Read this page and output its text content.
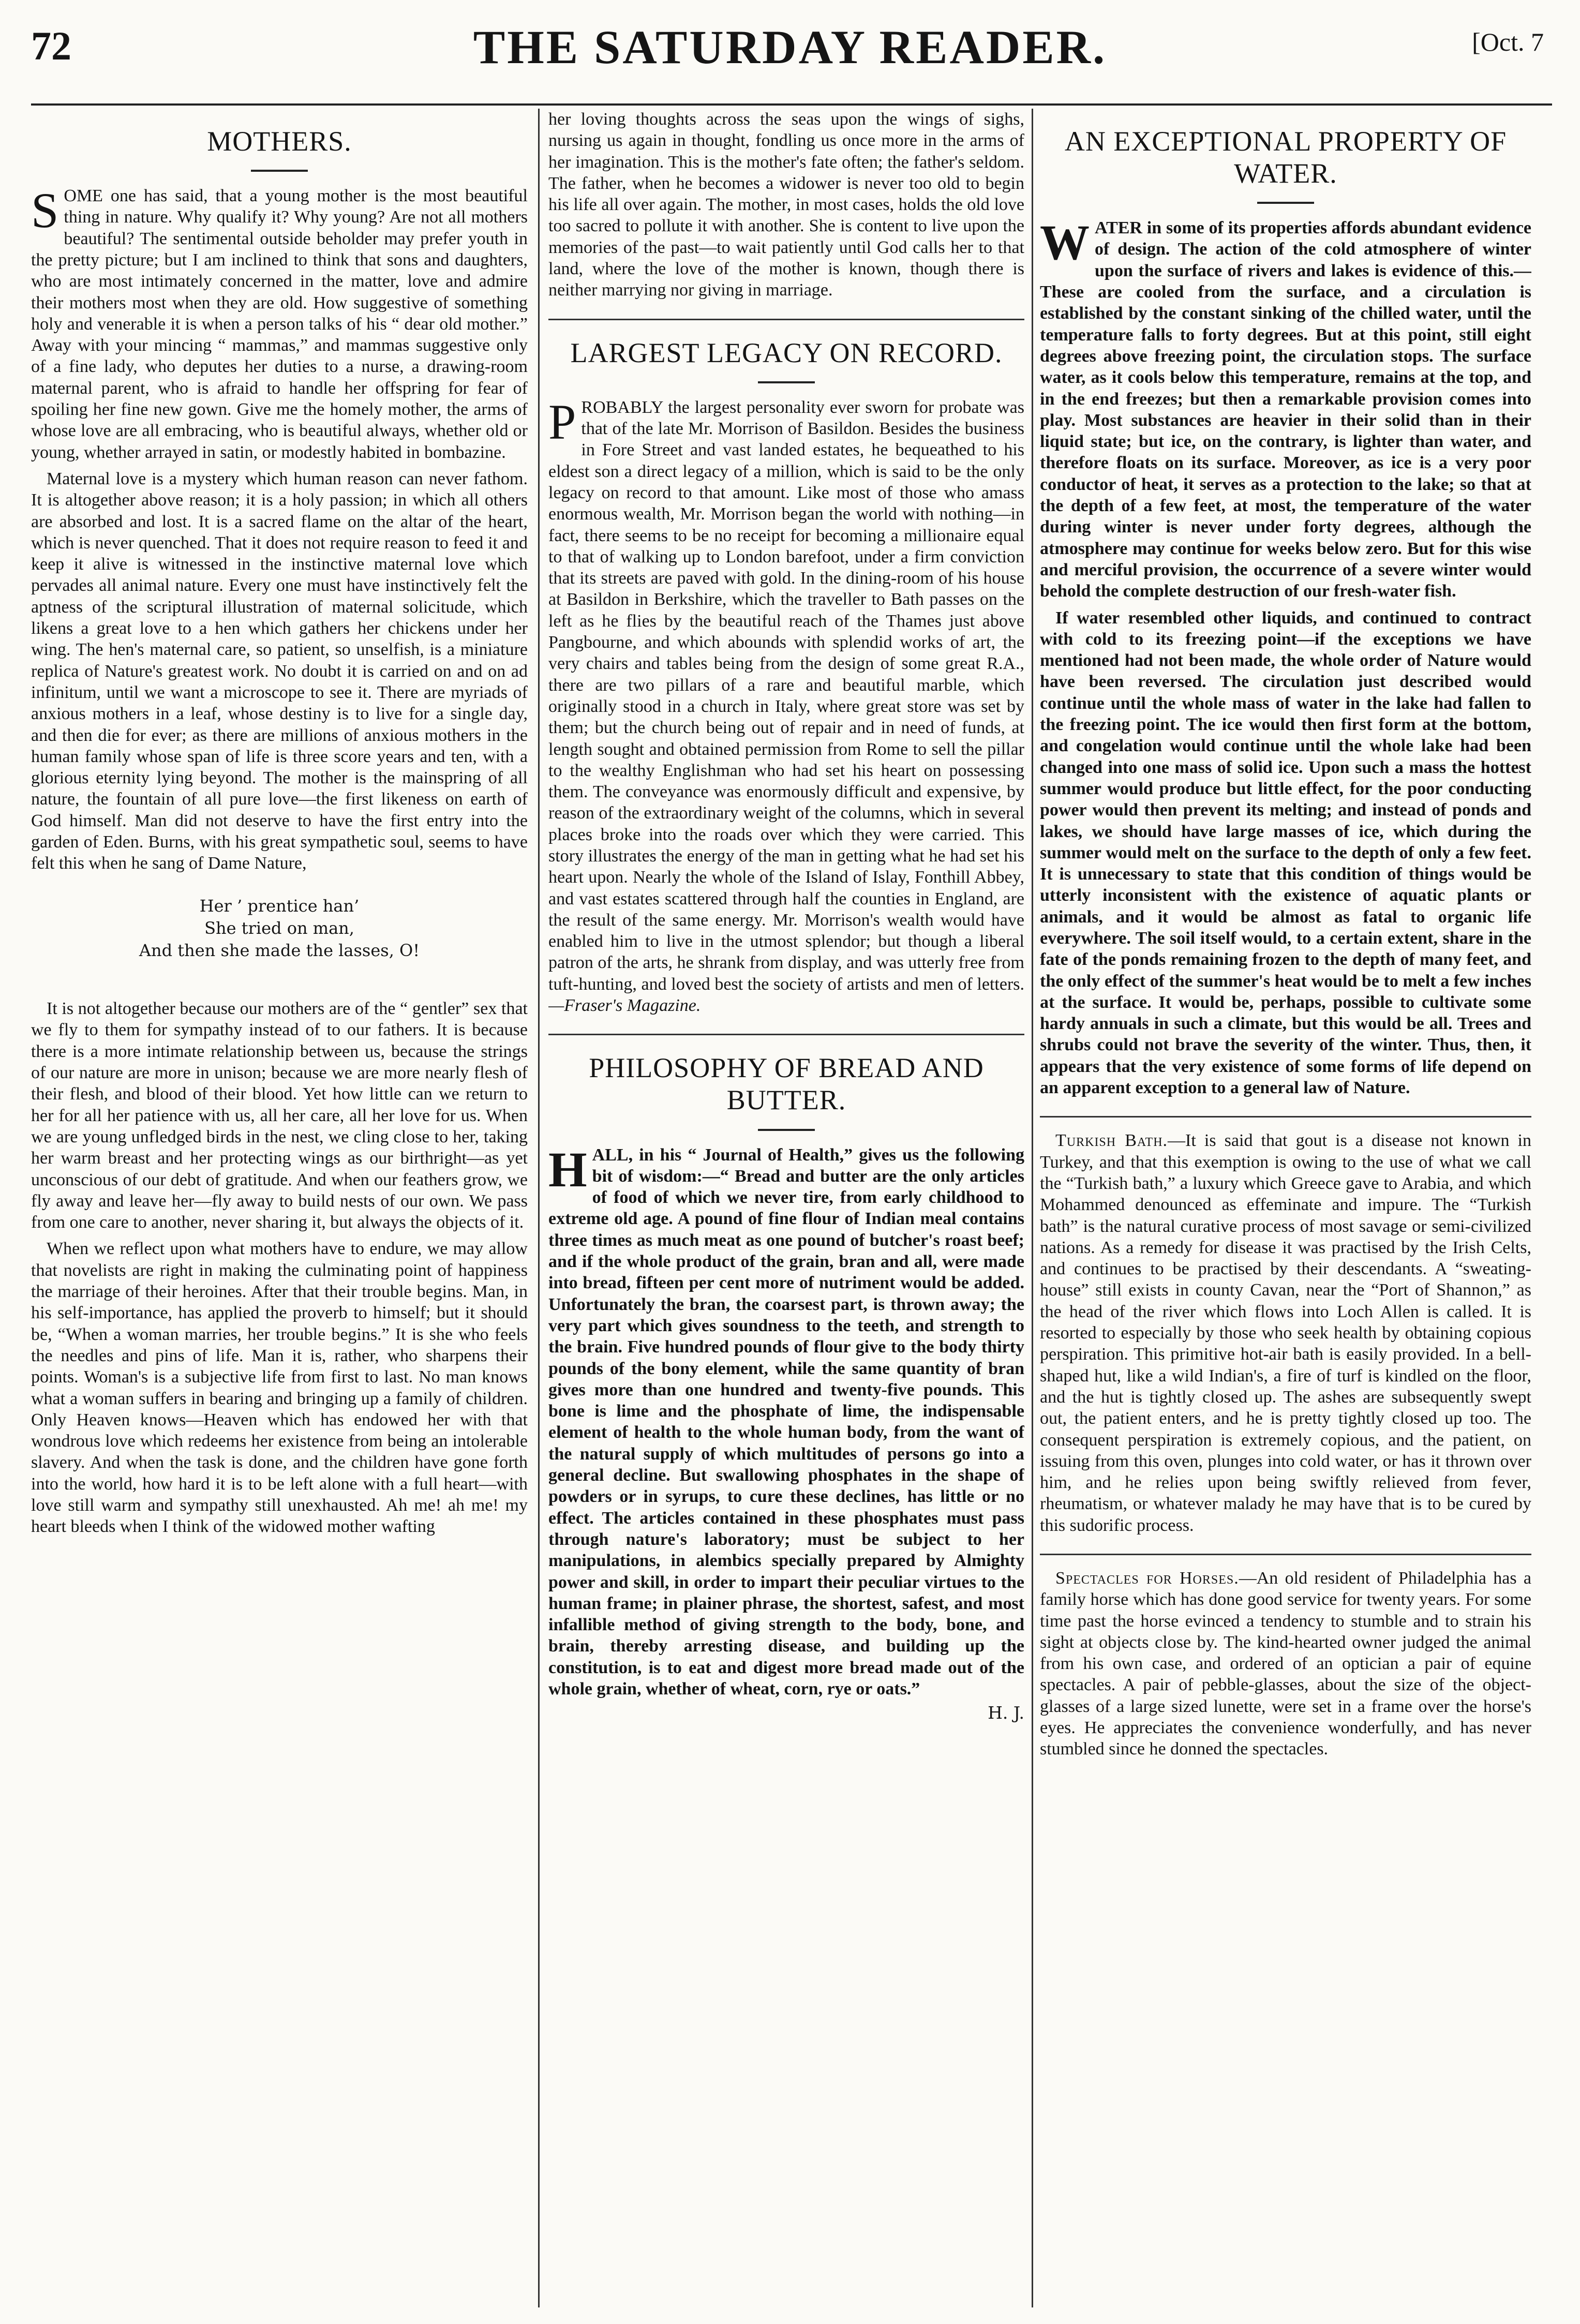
72	THE SATURDAY READER.	[Oct. 7
MOTHERS.

SOME one has said, that a young mother is the most beautiful thing in nature. Why qualify it? Why young? Are not all mothers beautiful? The sentimental outside beholder may prefer youth in the pretty picture; but I am inclined to think that sons and daughters, who are most intimately concerned in the matter, love and admire their mothers most when they are old. How suggestive of something holy and venerable it is when a person talks of his “ dear old mother.” Away with your mincing “ mammas,” and mammas suggestive only of a fine lady, who deputes her duties to a nurse, a drawing-room maternal parent, who is afraid to handle her offspring for fear of spoiling her fine new gown. Give me the homely mother, the arms of whose love are all embracing, who is beautiful always, whether old or young, whether arrayed in satin, or modestly habited in bombazine.

Maternal love is a mystery which human reason can never fathom. It is altogether above reason; it is a holy passion; in which all others are absorbed and lost. It is a sacred flame on the altar of the heart, which is never quenched. That it does not require reason to feed it and keep it alive is witnessed in the instinctive maternal love which pervades all animal nature. Every one must have instinctively felt the aptness of the scriptural illustration of maternal solicitude, which likens a great love to a hen which gathers her chickens under her wing. The hen's maternal care, so patient, so unselfish, is a miniature replica of Nature's greatest work. No doubt it is carried on and on ad infinitum, until we want a microscope to see it. There are myriads of anxious mothers in a leaf, whose destiny is to live for a single day, and then die for ever; as there are millions of anxious mothers in the human family whose span of life is three score years and ten, with a glorious eternity lying beyond. The mother is the mainspring of all nature, the fountain of all pure love—the first likeness on earth of God himself. Man did not deserve to have the first entry into the garden of Eden. Burns, with his great sympathetic soul, seems to have felt this when he sang of Dame Nature,

Her ’ prentice han’
She tried on man,
And then she made the lasses, O!

It is not altogether because our mothers are of the “ gentler” sex that we fly to them for sympathy instead of to our fathers. It is because there is a more intimate relationship between us, because the strings of our nature are more in unison; because we are more nearly flesh of their flesh, and blood of their blood. Yet how little can we return to her for all her patience with us, all her care, all her love for us. When we are young unfledged birds in the nest, we cling close to her, taking her warm breast and her protecting wings as our birthright—as yet unconscious of our debt of gratitude. And when our feathers grow, we fly away and leave her—fly away to build nests of our own. We pass from one care to another, never sharing it, but always the objects of it.

When we reflect upon what mothers have to endure, we may allow that novelists are right in making the culminating point of happiness the marriage of their heroines. After that their trouble begins. Man, in his self-importance, has applied the proverb to himself; but it should be, “When a woman marries, her trouble begins.” It is she who feels the needles and pins of life. Man it is, rather, who sharpens their points. Woman's is a subjective life from first to last. No man knows what a woman suffers in bearing and bringing up a family of children. Only Heaven knows—Heaven which has endowed her with that wondrous love which redeems her existence from being an intolerable slavery. And when the task is done, and the children have gone forth into the world, how hard it is to be left alone with a full heart—with love still warm and sympathy still unexhausted. Ah me! ah me! my heart bleeds when I think of the widowed mother wafting

her loving thoughts across the seas upon the wings of sighs, nursing us again in thought, fondling us once more in the arms of her imagination. This is the mother's fate often; the father's seldom. The father, when he becomes a widower is never too old to begin his life all over again. The mother, in most cases, holds the old love too sacred to pollute it with another. She is content to live upon the memories of the past—to wait patiently until God calls her to that land, where the love of the mother is known, though there is neither marrying nor giving in marriage.

LARGEST LEGACY ON RECORD.

PROBABLY the largest personality ever sworn for probate was that of the late Mr. Morrison of Basildon. Besides the business in Fore Street and vast landed estates, he bequeathed to his eldest son a direct legacy of a million, which is said to be the only legacy on record to that amount. Like most of those who amass enormous wealth, Mr. Morrison began the world with nothing—in fact, there seems to be no receipt for becoming a millionaire equal to that of walking up to London barefoot, under a firm conviction that its streets are paved with gold. In the dining-room of his house at Basildon in Berkshire, which the traveller to Bath passes on the left as he flies by the beautiful reach of the Thames just above Pangbourne, and which abounds with splendid works of art, the very chairs and tables being from the design of some great R.A., there are two pillars of a rare and beautiful marble, which originally stood in a church in Italy, where great store was set by them; but the church being out of repair and in need of funds, at length sought and obtained permission from Rome to sell the pillar to the wealthy Englishman who had set his heart on possessing them. The conveyance was enormously difficult and expensive, by reason of the extraordinary weight of the columns, which in several places broke into the roads over which they were carried. This story illustrates the energy of the man in getting what he had set his heart upon. Nearly the whole of the Island of Islay, Fonthill Abbey, and vast estates scattered through half the counties in England, are the result of the same energy. Mr. Morrison's wealth would have enabled him to live in the utmost splendor; but though a liberal patron of the arts, he shrank from display, and was utterly free from tuft-hunting, and loved best the society of artists and men of letters. —Fraser's Magazine.

PHILOSOPHY OF BREAD AND BUTTER.

HALL, in his “ Journal of Health,” gives us the following bit of wisdom:—“ Bread and butter are the only articles of food of which we never tire, from early childhood to extreme old age. A pound of fine flour of Indian meal contains three times as much meat as one pound of butcher's roast beef; and if the whole product of the grain, bran and all, were made into bread, fifteen per cent more of nutriment would be added. Unfortunately the bran, the coarsest part, is thrown away; the very part which gives soundness to the teeth, and strength to the brain. Five hundred pounds of flour give to the body thirty pounds of the bony element, while the same quantity of bran gives more than one hundred and twenty-five pounds. This bone is lime and the phosphate of lime, the indispensable element of health to the whole human body, from the want of the natural supply of which multitudes of persons go into a general decline. But swallowing phosphates in the shape of powders or in syrups, to cure these declines, has little or no effect. The articles contained in these phosphates must pass through nature's laboratory; must be subject to her manipulations, in alembics specially prepared by Almighty power and skill, in order to impart their peculiar virtues to the human frame; in plainer phrase, the shortest, safest, and most infallible method of giving strength to the body, bone, and brain, thereby arresting disease, and building up the constitution, is to eat and digest more bread made out of the whole grain, whether of wheat, corn, rye or oats.”

H. J.
AN EXCEPTIONAL PROPERTY OF WATER.

WATER in some of its properties affords abundant evidence of design. The action of the cold atmosphere of winter upon the surface of rivers and lakes is evidence of this.—These are cooled from the surface, and a circulation is established by the constant sinking of the chilled water, until the temperature falls to forty degrees. But at this point, still eight degrees above freezing point, the circulation stops. The surface water, as it cools below this temperature, remains at the top, and in the end freezes; but then a remarkable provision comes into play. Most substances are heavier in their solid than in their liquid state; but ice, on the contrary, is lighter than water, and therefore floats on its surface. Moreover, as ice is a very poor conductor of heat, it serves as a protection to the lake; so that at the depth of a few feet, at most, the temperature of the water during winter is never under forty degrees, although the atmosphere may continue for weeks below zero. But for this wise and merciful provision, the occurrence of a severe winter would behold the complete destruction of our fresh-water fish.

If water resembled other liquids, and continued to contract with cold to its freezing point—if the exceptions we have mentioned had not been made, the whole order of Nature would have been reversed. The circulation just described would continue until the whole mass of water in the lake had fallen to the freezing point. The ice would then first form at the bottom, and congelation would continue until the whole lake had been changed into one mass of solid ice. Upon such a mass the hottest summer would produce but little effect, for the poor conducting power would then prevent its melting; and instead of ponds and lakes, we should have large masses of ice, which during the summer would melt on the surface to the depth of only a few feet. It is unnecessary to state that this condition of things would be utterly inconsistent with the existence of aquatic plants or animals, and it would be almost as fatal to organic life everywhere. The soil itself would, to a certain extent, share in the fate of the ponds remaining frozen to the depth of many feet, and the only effect of the summer's heat would be to melt a few inches at the surface. It would be, perhaps, possible to cultivate some hardy annuals in such a climate, but this would be all. Trees and shrubs could not brave the severity of the winter. Thus, then, it appears that the very existence of some forms of life depend on an apparent exception to a general law of Nature.

Turkish Bath.—It is said that gout is a disease not known in Turkey, and that this exemption is owing to the use of what we call the “Turkish bath,” a luxury which Greece gave to Arabia, and which Mohammed denounced as effeminate and impure. The “Turkish bath” is the natural curative process of most savage or semi-civilized nations. As a remedy for disease it was practised by the Irish Celts, and continues to be practised by their descendants. A “sweating-house” still exists in county Cavan, near the “Port of Shannon,” as the head of the river which flows into Loch Allen is called. It is resorted to especially by those who seek health by obtaining copious perspiration. This primitive hot-air bath is easily provided. In a bell-shaped hut, like a wild Indian's, a fire of turf is kindled on the floor, and the hut is tightly closed up. The ashes are subsequently swept out, the patient enters, and he is pretty tightly closed up too. The consequent perspiration is extremely copious, and the patient, on issuing from this oven, plunges into cold water, or has it thrown over him, and he relies upon being swiftly relieved from fever, rheumatism, or whatever malady he may have that is to be cured by this sudorific process.

Spectacles for Horses.—An old resident of Philadelphia has a family horse which has done good service for twenty years. For some time past the horse evinced a tendency to stumble and to strain his sight at objects close by. The kind-hearted owner judged the animal from his own case, and ordered of an optician a pair of equine spectacles. A pair of pebble-glasses, about the size of the object-glasses of a large sized lunette, were set in a frame over the horse's eyes. He appreciates the convenience wonderfully, and has never stumbled since he donned the spectacles.
